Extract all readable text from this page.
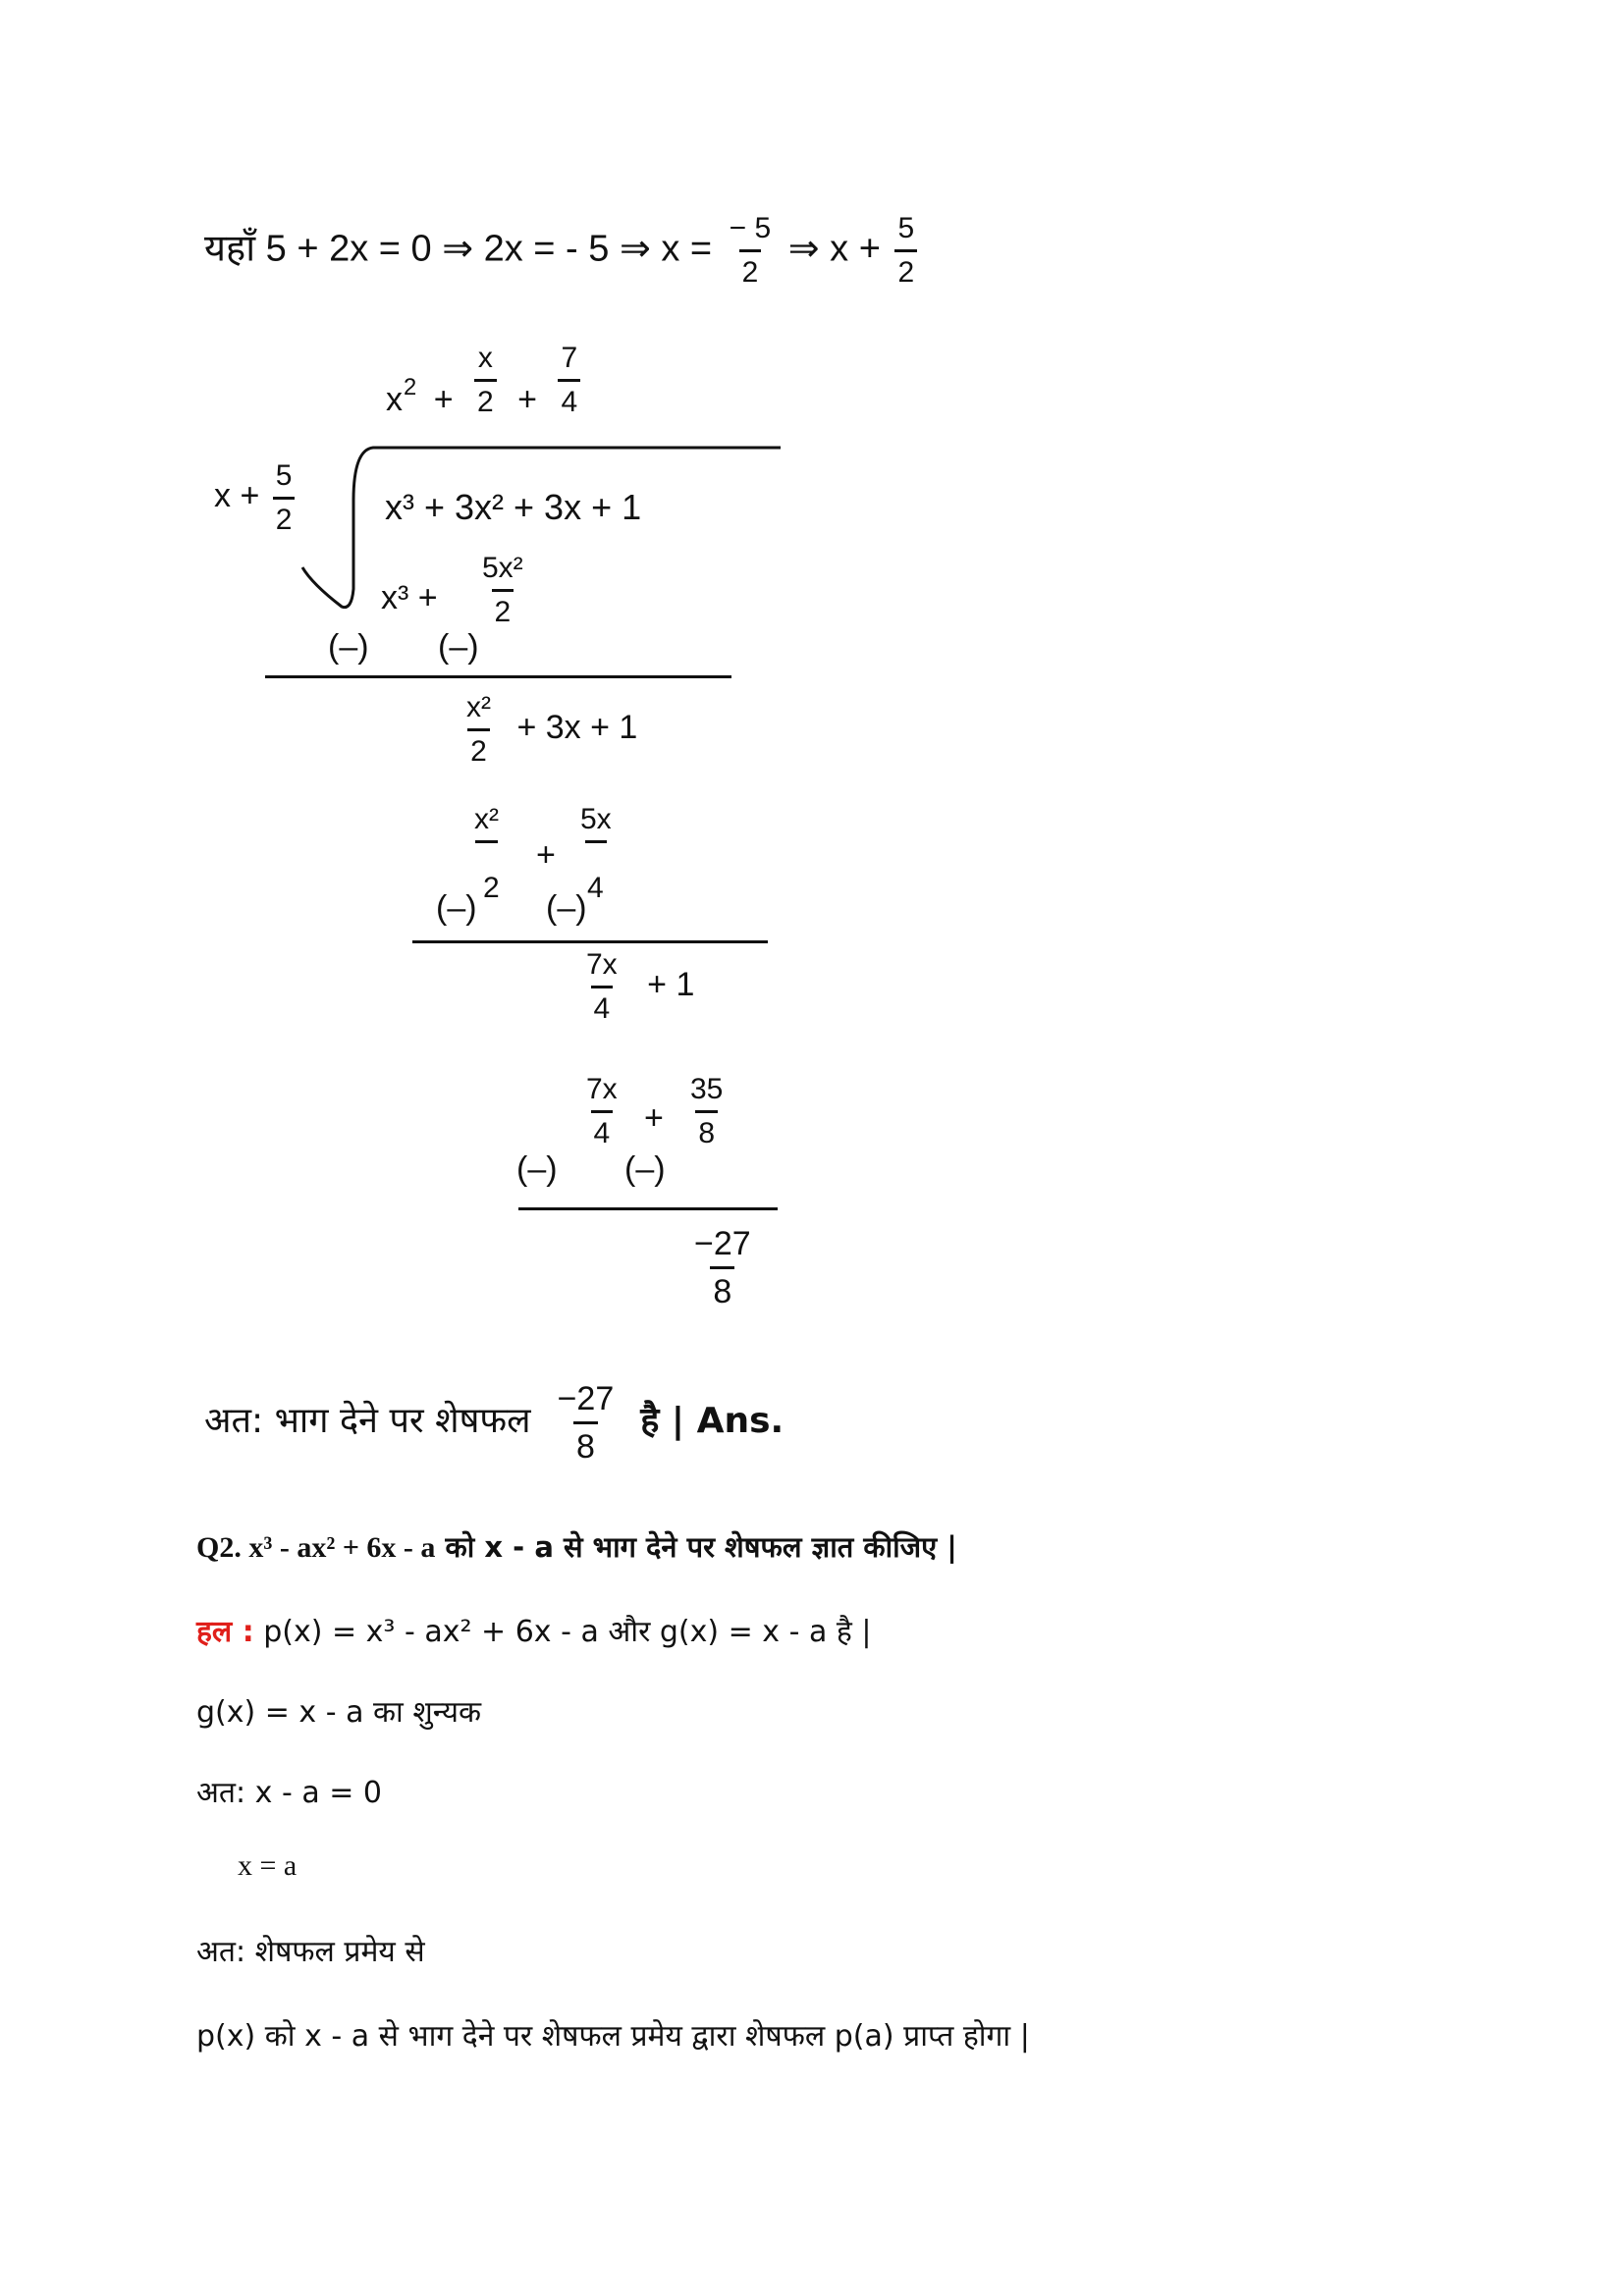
यहाँ 5 + 2x = 0 ⇒ 2x = - 5 ⇒ $x = \frac{- 5}{2}$ ⇒ $x + \frac{5}{2}$
$x^2 + \frac{x}{2} + \frac{7}{4}$
$x + \frac{5}{2}$	x³ + 3x² + 3x + 1
$x^3 + \frac{\text{5x²}}{2}$
(–) (–)
$\frac{\text{x²}}{2} + 3x + 1$
x²
+
5x
(–)
2
(–)
4
$\frac{7x}{4} + 1$
$\frac{7x}{4} + \frac{35}{8}$
(–) (–)
$\frac{-27}{8}$
अत: भाग देने पर शेषफल $\frac{-27}{8}$ है | Ans.
Q2. x³ - ax² + 6x - a को x - a से भाग देने पर शेषफल ज्ञात कीजिए |
हल : p(x) = x³ - ax² + 6x - a और g(x) = x - a है |
g(x) = x - a का शुन्यक
अत: x - a = 0
x = a
अत: शेषफल प्रमेय से
p(x) को x - a से भाग देने पर शेषफल प्रमेय द्वारा शेषफल p(a) प्राप्त होगा |
